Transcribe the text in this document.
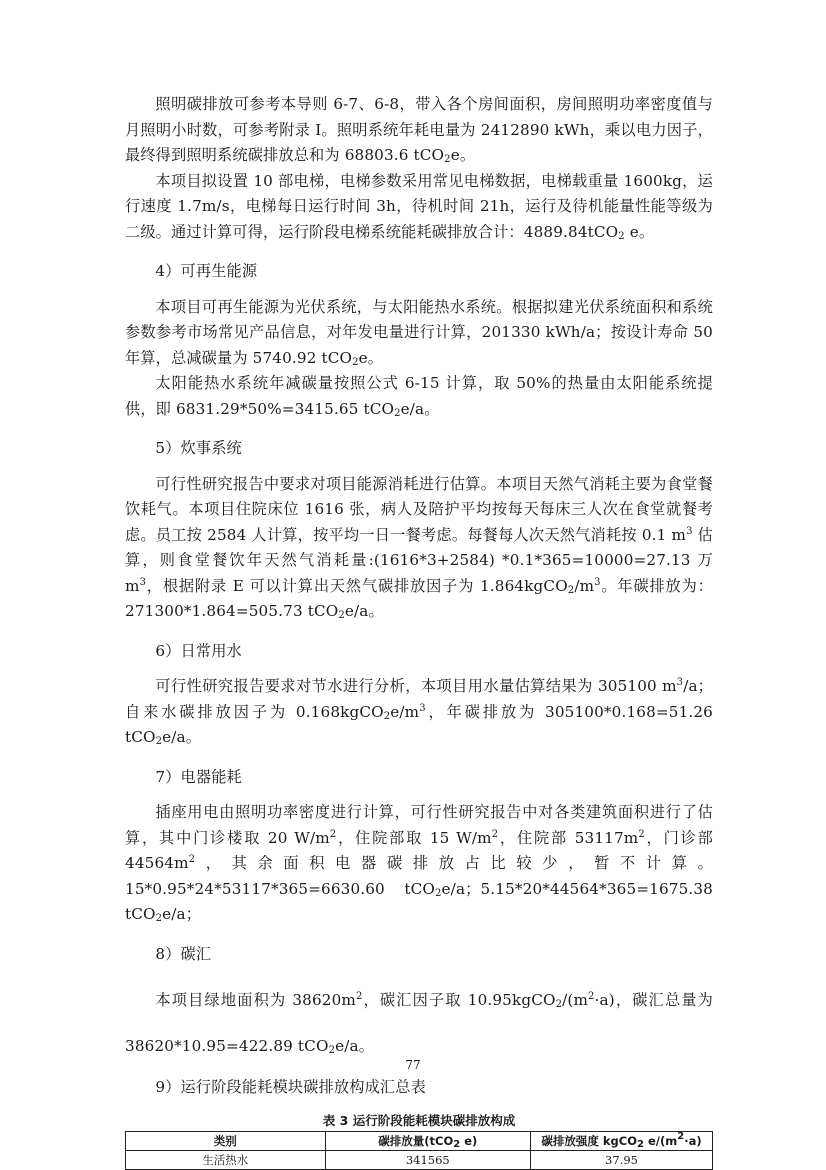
照明碳排放可参考本导则 6-7、6-8，带入各个房间面积，房间照明功率密度值与月照明小时数，可参考附录 I。照明系统年耗电量为 2412890 kWh，乘以电力因子，最终得到照明系统碳排放总和为 68803.6 tCO$_2$e。

本项目拟设置 10 部电梯，电梯参数采用常见电梯数据，电梯载重量 1600kg，运行速度 1.7m/s，电梯每日运行时间 3h，待机时间 21h，运行及待机能量性能等级为二级。通过计算可得，运行阶段电梯系统能耗碳排放合计：4889.84tCO$_2$ e。

4）可再生能源

本项目可再生能源为光伏系统，与太阳能热水系统。根据拟建光伏系统面积和系统参数参考市场常见产品信息，对年发电量进行计算，201330 kWh/a；按设计寿命 50 年算，总减碳量为 5740.92 tCO$_2$e。

太阳能热水系统年减碳量按照公式 6-15 计算，取 50%的热量由太阳能系统提供，即 6831.29*50%=3415.65 tCO$_2$e/a。

5）炊事系统

可行性研究报告中要求对项目能源消耗进行估算。本项目天然气消耗主要为食堂餐饮耗气。本项目住院床位 1616 张，病人及陪护平均按每天每床三人次在食堂就餐考虑。员工按 2584 人计算，按平均一日一餐考虑。每餐每人次天然气消耗按 0.1 $m^3$ 估算，则食堂餐饮年天然气消耗量:(1616*3+2584) *0.1*365=10000=27.13 万 $m^3$，根据附录 E 可以计算出天然气碳排放因子为 $1.864kgCO_2/m^3$。年碳排放为：271300*1.864=505.73 tCO$_2$e/a。

6）日常用水

可行性研究报告要求对节水进行分析，本项目用水量估算结果为 305100 $m^3/a$；自来水碳排放因子为 $0.168kgCO_2e/m^3$，年碳排放为 305100*0.168=51.26 tCO$_2$e/a。

7）电器能耗

插座用电由照明功率密度进行计算，可行性研究报告中对各类建筑面积进行了估算，其中门诊楼取 20 $W/m^2$，住院部取 15 $W/m^2$，住院部 $53117m^2$，门诊部 $44564m^2$，其余面积电器碳排放占比较少，暂不计算。15*0.95*24*53117*365=6630.60 tCO$_2$e/a；5.15*20*44564*365=1675.38 tCO$_2$e/a；

8）碳汇

本项目绿地面积为 $38620m^2$，碳汇因子取 $10.95kgCO_2/(m^2\cdot a)$，碳汇总量为 38620*10.95=422.89 tCO$_2$e/a。

9）运行阶段能耗模块碳排放构成汇总表

表 3 运行阶段能耗模块碳排放构成
类别	碳排放量(tCO$_2$ e)	碳排放强度 kgCO$_2$ $e/(m^2\cdot a)$
生活热水	341565	37.95
77
